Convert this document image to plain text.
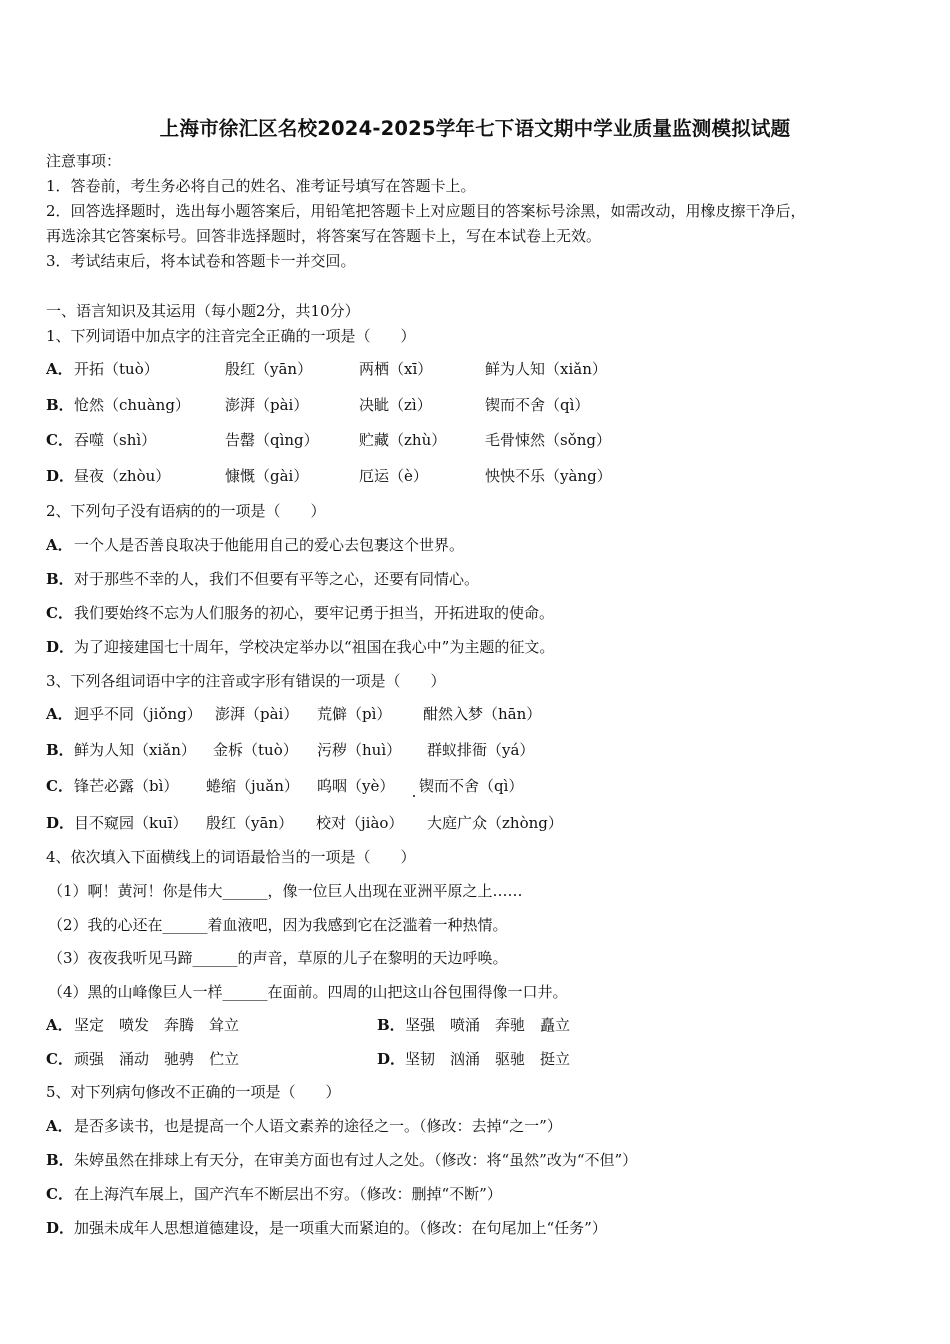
上海市徐汇区名校2024-2025学年七下语文期中学业质量监测模拟试题
注意事项：
1．答卷前，考生务必将自己的姓名、准考证号填写在答题卡上。
2．回答选择题时，选出每小题答案后，用铅笔把答题卡上对应题目的答案标号涂黑，如需改动，用橡皮擦干净后，
再选涂其它答案标号。回答非选择题时，将答案写在答题卡上，写在本试卷上无效。
3．考试结束后，将本试卷和答题卡一并交回。
一、语言知识及其运用（每小题2分，共10分）
1、下列词语中加点字的注音完全正确的一项是（　　）
A． 开拓（tuò）	殷红（yān）	两栖（xī）	鲜为人知（xiǎn）
B． 怆然（chuàng） 澎湃（pài）	决眦（zì）	锲而不舍（qì）
C． 吞噬（shì）	告罄（qìng）	贮藏（zhù）	毛骨悚然（sǒng）
D． 昼夜（zhòu）	慷慨（gài）	厄运（è）	怏怏不乐（yàng）
2、下列句子没有语病的的一项是（　　）
A． 一个人是否善良取决于他能用自己的爱心去包裹这个世界。
B． 对于那些不幸的人，我们不但要有平等之心，还要有同情心。
C． 我们要始终不忘为人们服务的初心，要牢记勇于担当，开拓进取的使命。
D． 为了迎接建国七十周年，学校决定举办以“祖国在我心中”为主题的征文。
3、下列各组词语中字的注音或字形有错误的一项是（　　）
A． 迥乎不同（jiǒng） 澎湃（pài） 荒僻（pì） 酣然入梦（hān）
B． 鲜为人知（xiǎn） 金柝（tuò） 污秽（huì） 群蚁排衙（yá）
C． 锋芒必露（bì） 蜷缩（juǎn） 呜咽（yè） 锲而不舍（qì）
D． 目不窥园（kuī） 殷红（yān） 校对（jiào） 大庭广众（zhòng）
4、依次填入下面横线上的词语最恰当的一项是（　　）
（1）啊！黄河！你是伟大______，像一位巨人出现在亚洲平原之上……
（2）我的心还在______着血液吧，因为我感到它在泛滥着一种热情。
（3）夜夜我听见马蹄______的声音，草原的儿子在黎明的天边呼唤。
（4）黑的山峰像巨人一样______在面前。四周的山把这山谷包围得像一口井。
A． 坚定　喷发　奔腾　耸立	B． 坚强　喷涌　奔驰　矗立
C． 顽强　涌动　驰骋　伫立	D． 坚韧　汹涌　驱驰　挺立
5、对下列病句修改不正确的一项是（　　）
A． 是否多读书，也是提高一个人语文素养的途径之一。（修改：去掉“之一”）
B． 朱婷虽然在排球上有天分，在审美方面也有过人之处。（修改：将“虽然”改为“不但”）
C． 在上海汽车展上，国产汽车不断层出不穷。（修改：删掉“不断”）
D． 加强未成年人思想道德建设，是一项重大而紧迫的。（修改：在句尾加上“任务”）
